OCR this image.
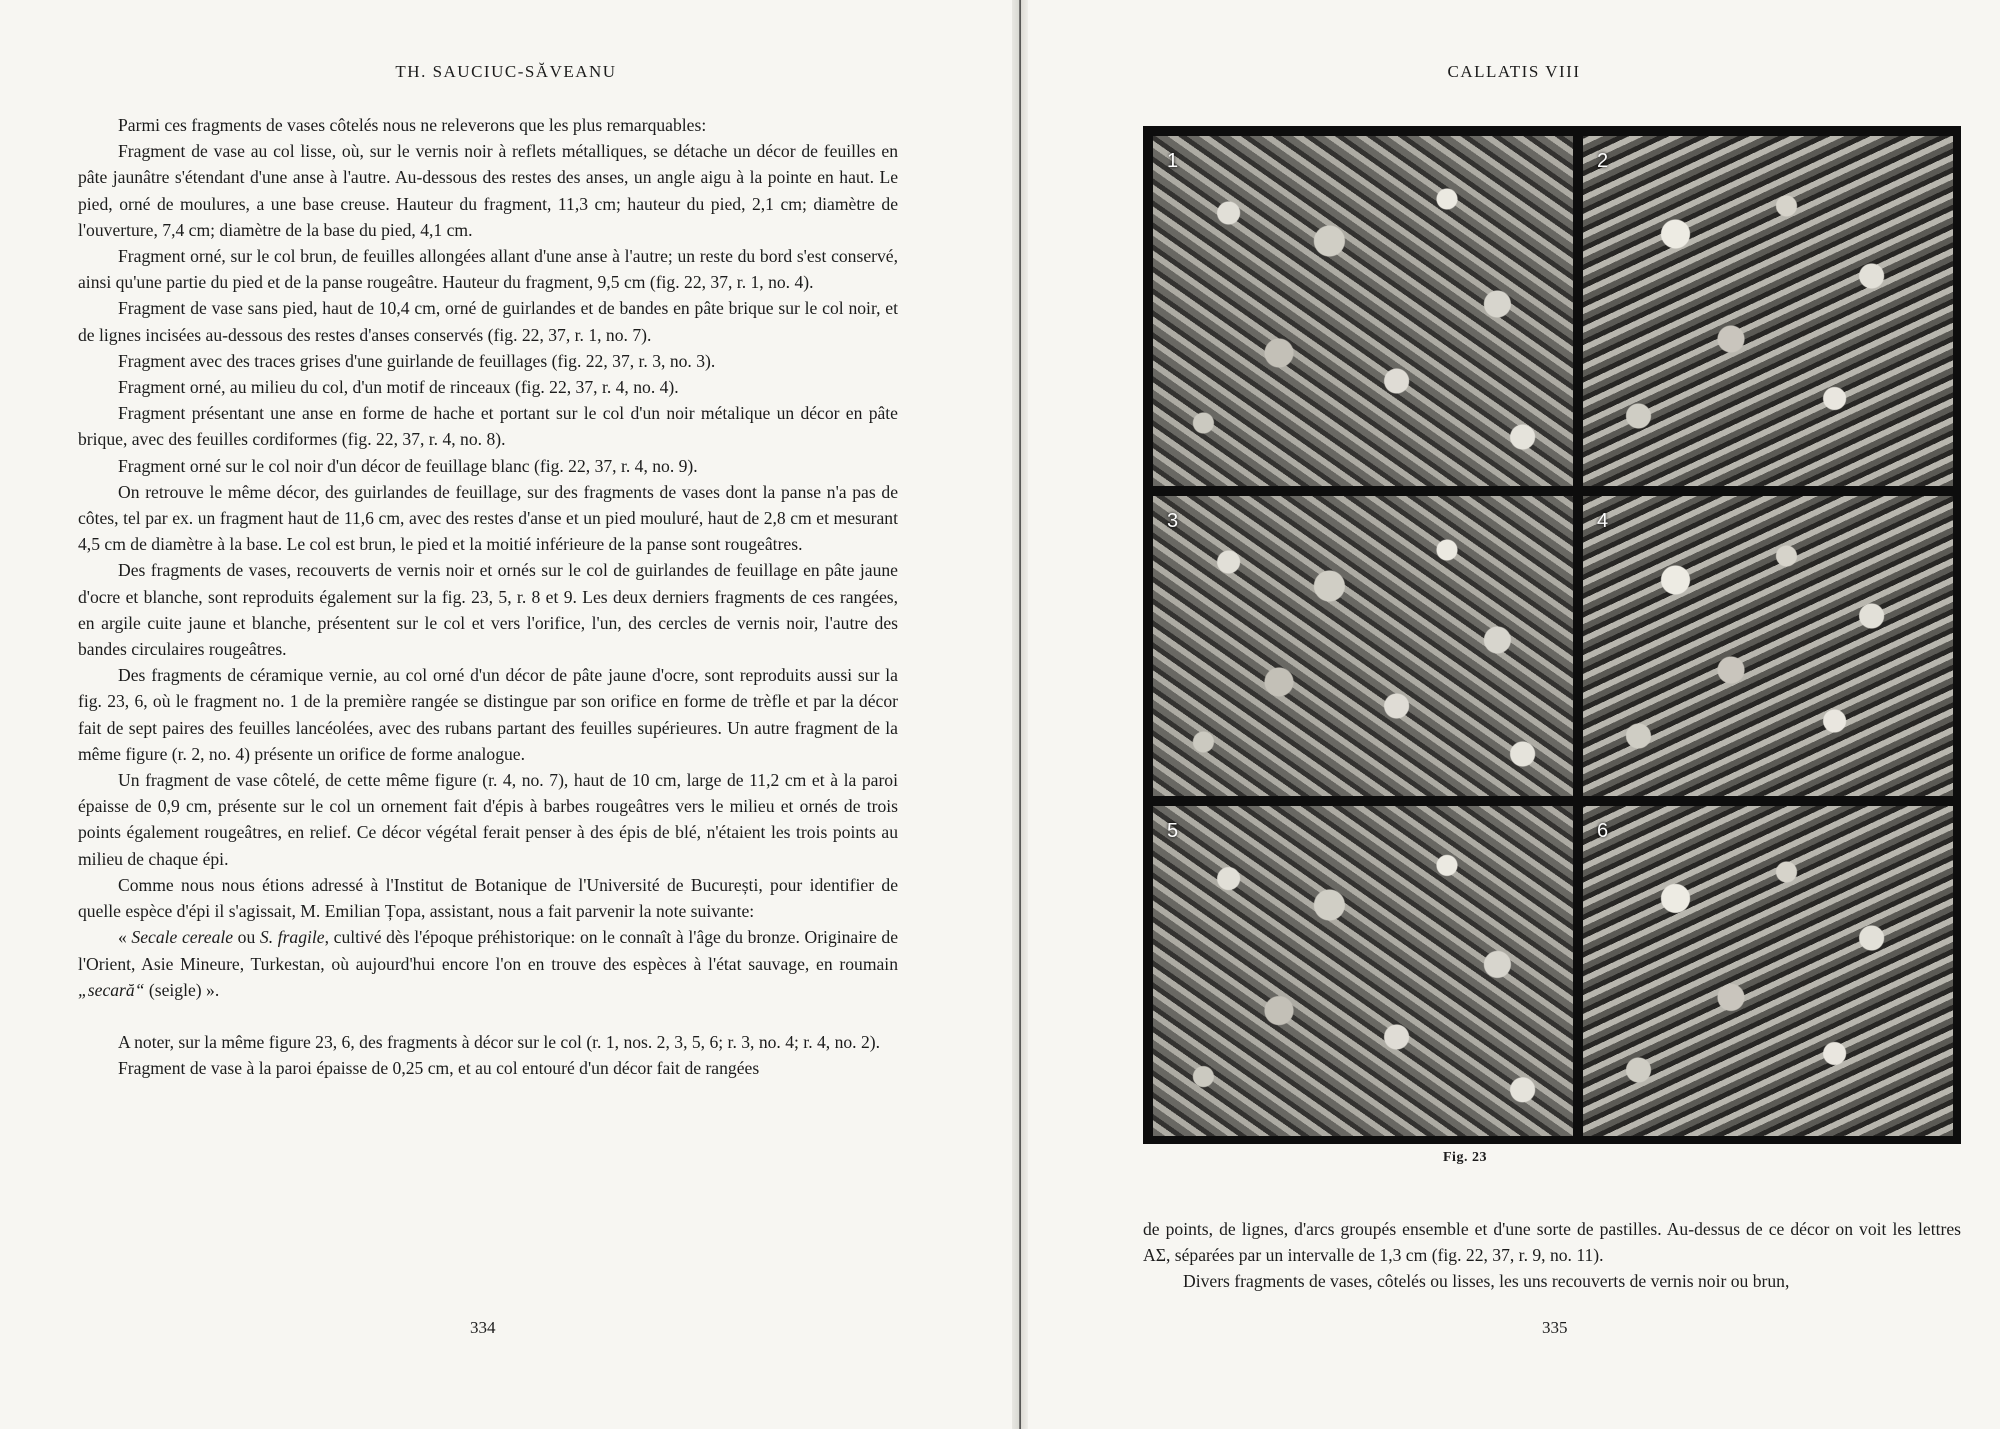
TH. SAUCIUC-SĂVEANU

Parmi ces fragments de vases côtelés nous ne releverons que les plus remarquables:

Fragment de vase au col lisse, où, sur le vernis noir à reflets métalliques, se détache un décor de feuilles en pâte jaunâtre s'étendant d'une anse à l'autre. Au-dessous des restes des anses, un angle aigu à la pointe en haut. Le pied, orné de moulures, a une base creuse. Hauteur du fragment, 11,3 cm; hauteur du pied, 2,1 cm; diamètre de l'ouverture, 7,4 cm; diamètre de la base du pied, 4,1 cm.

Fragment orné, sur le col brun, de feuilles allongées allant d'une anse à l'autre; un reste du bord s'est conservé, ainsi qu'une partie du pied et de la panse rougeâtre. Hauteur du fragment, 9,5 cm (fig. 22, 37, r. 1, no. 4).

Fragment de vase sans pied, haut de 10,4 cm, orné de guirlandes et de bandes en pâte brique sur le col noir, et de lignes incisées au-dessous des restes d'anses conservés (fig. 22, 37, r. 1, no. 7).

Fragment avec des traces grises d'une guirlande de feuillages (fig. 22, 37, r. 3, no. 3).

Fragment orné, au milieu du col, d'un motif de rinceaux (fig. 22, 37, r. 4, no. 4).

Fragment présentant une anse en forme de hache et portant sur le col d'un noir métalique un décor en pâte brique, avec des feuilles cordiformes (fig. 22, 37, r. 4, no. 8).

Fragment orné sur le col noir d'un décor de feuillage blanc (fig. 22, 37, r. 4, no. 9).

On retrouve le même décor, des guirlandes de feuillage, sur des fragments de vases dont la panse n'a pas de côtes, tel par ex. un fragment haut de 11,6 cm, avec des restes d'anse et un pied mouluré, haut de 2,8 cm et mesurant 4,5 cm de diamètre à la base. Le col est brun, le pied et la moitié inférieure de la panse sont rougeâtres.

Des fragments de vases, recouverts de vernis noir et ornés sur le col de guirlandes de feuillage en pâte jaune d'ocre et blanche, sont reproduits également sur la fig. 23, 5, r. 8 et 9. Les deux derniers fragments de ces rangées, en argile cuite jaune et blanche, présentent sur le col et vers l'orifice, l'un, des cercles de vernis noir, l'autre des bandes circulaires rougeâtres.

Des fragments de céramique vernie, au col orné d'un décor de pâte jaune d'ocre, sont reproduits aussi sur la fig. 23, 6, où le fragment no. 1 de la première rangée se distingue par son orifice en forme de trèfle et par la décor fait de sept paires des feuilles lancéolées, avec des rubans partant des feuilles supérieures. Un autre fragment de la même figure (r. 2, no. 4) présente un orifice de forme analogue.

Un fragment de vase côtelé, de cette même figure (r. 4, no. 7), haut de 10 cm, large de 11,2 cm et à la paroi épaisse de 0,9 cm, présente sur le col un ornement fait d'épis à barbes rougeâtres vers le milieu et ornés de trois points également rougeâtres, en relief. Ce décor végétal ferait penser à des épis de blé, n'étaient les trois points au milieu de chaque épi.

Comme nous nous étions adressé à l'Institut de Botanique de l'Université de București, pour identifier de quelle espèce d'épi il s'agissait, M. Emilian Țopa, assistant, nous a fait parvenir la note suivante:

« Secale cereale ou S. fragile, cultivé dès l'époque préhistorique: on le connaît à l'âge du bronze. Originaire de l'Orient, Asie Mineure, Turkestan, où aujourd'hui encore l'on en trouve des espèces à l'état sauvage, en roumain „secară“ (seigle) ».

A noter, sur la même figure 23, 6, des fragments à décor sur le col (r. 1, nos. 2, 3, 5, 6; r. 3, no. 4; r. 4, no. 2).

Fragment de vase à la paroi épaisse de 0,25 cm, et au col entouré d'un décor fait de rangées

334
CALLATIS VIII
1	2
3	4
5	6
Fig. 23

de points, de lignes, d'arcs groupés ensemble et d'une sorte de pastilles. Au-dessus de ce décor on voit les lettres ΑΣ, séparées par un intervalle de 1,3 cm (fig. 22, 37, r. 9, no. 11).

Divers fragments de vases, côtelés ou lisses, les uns recouverts de vernis noir ou brun,

335
